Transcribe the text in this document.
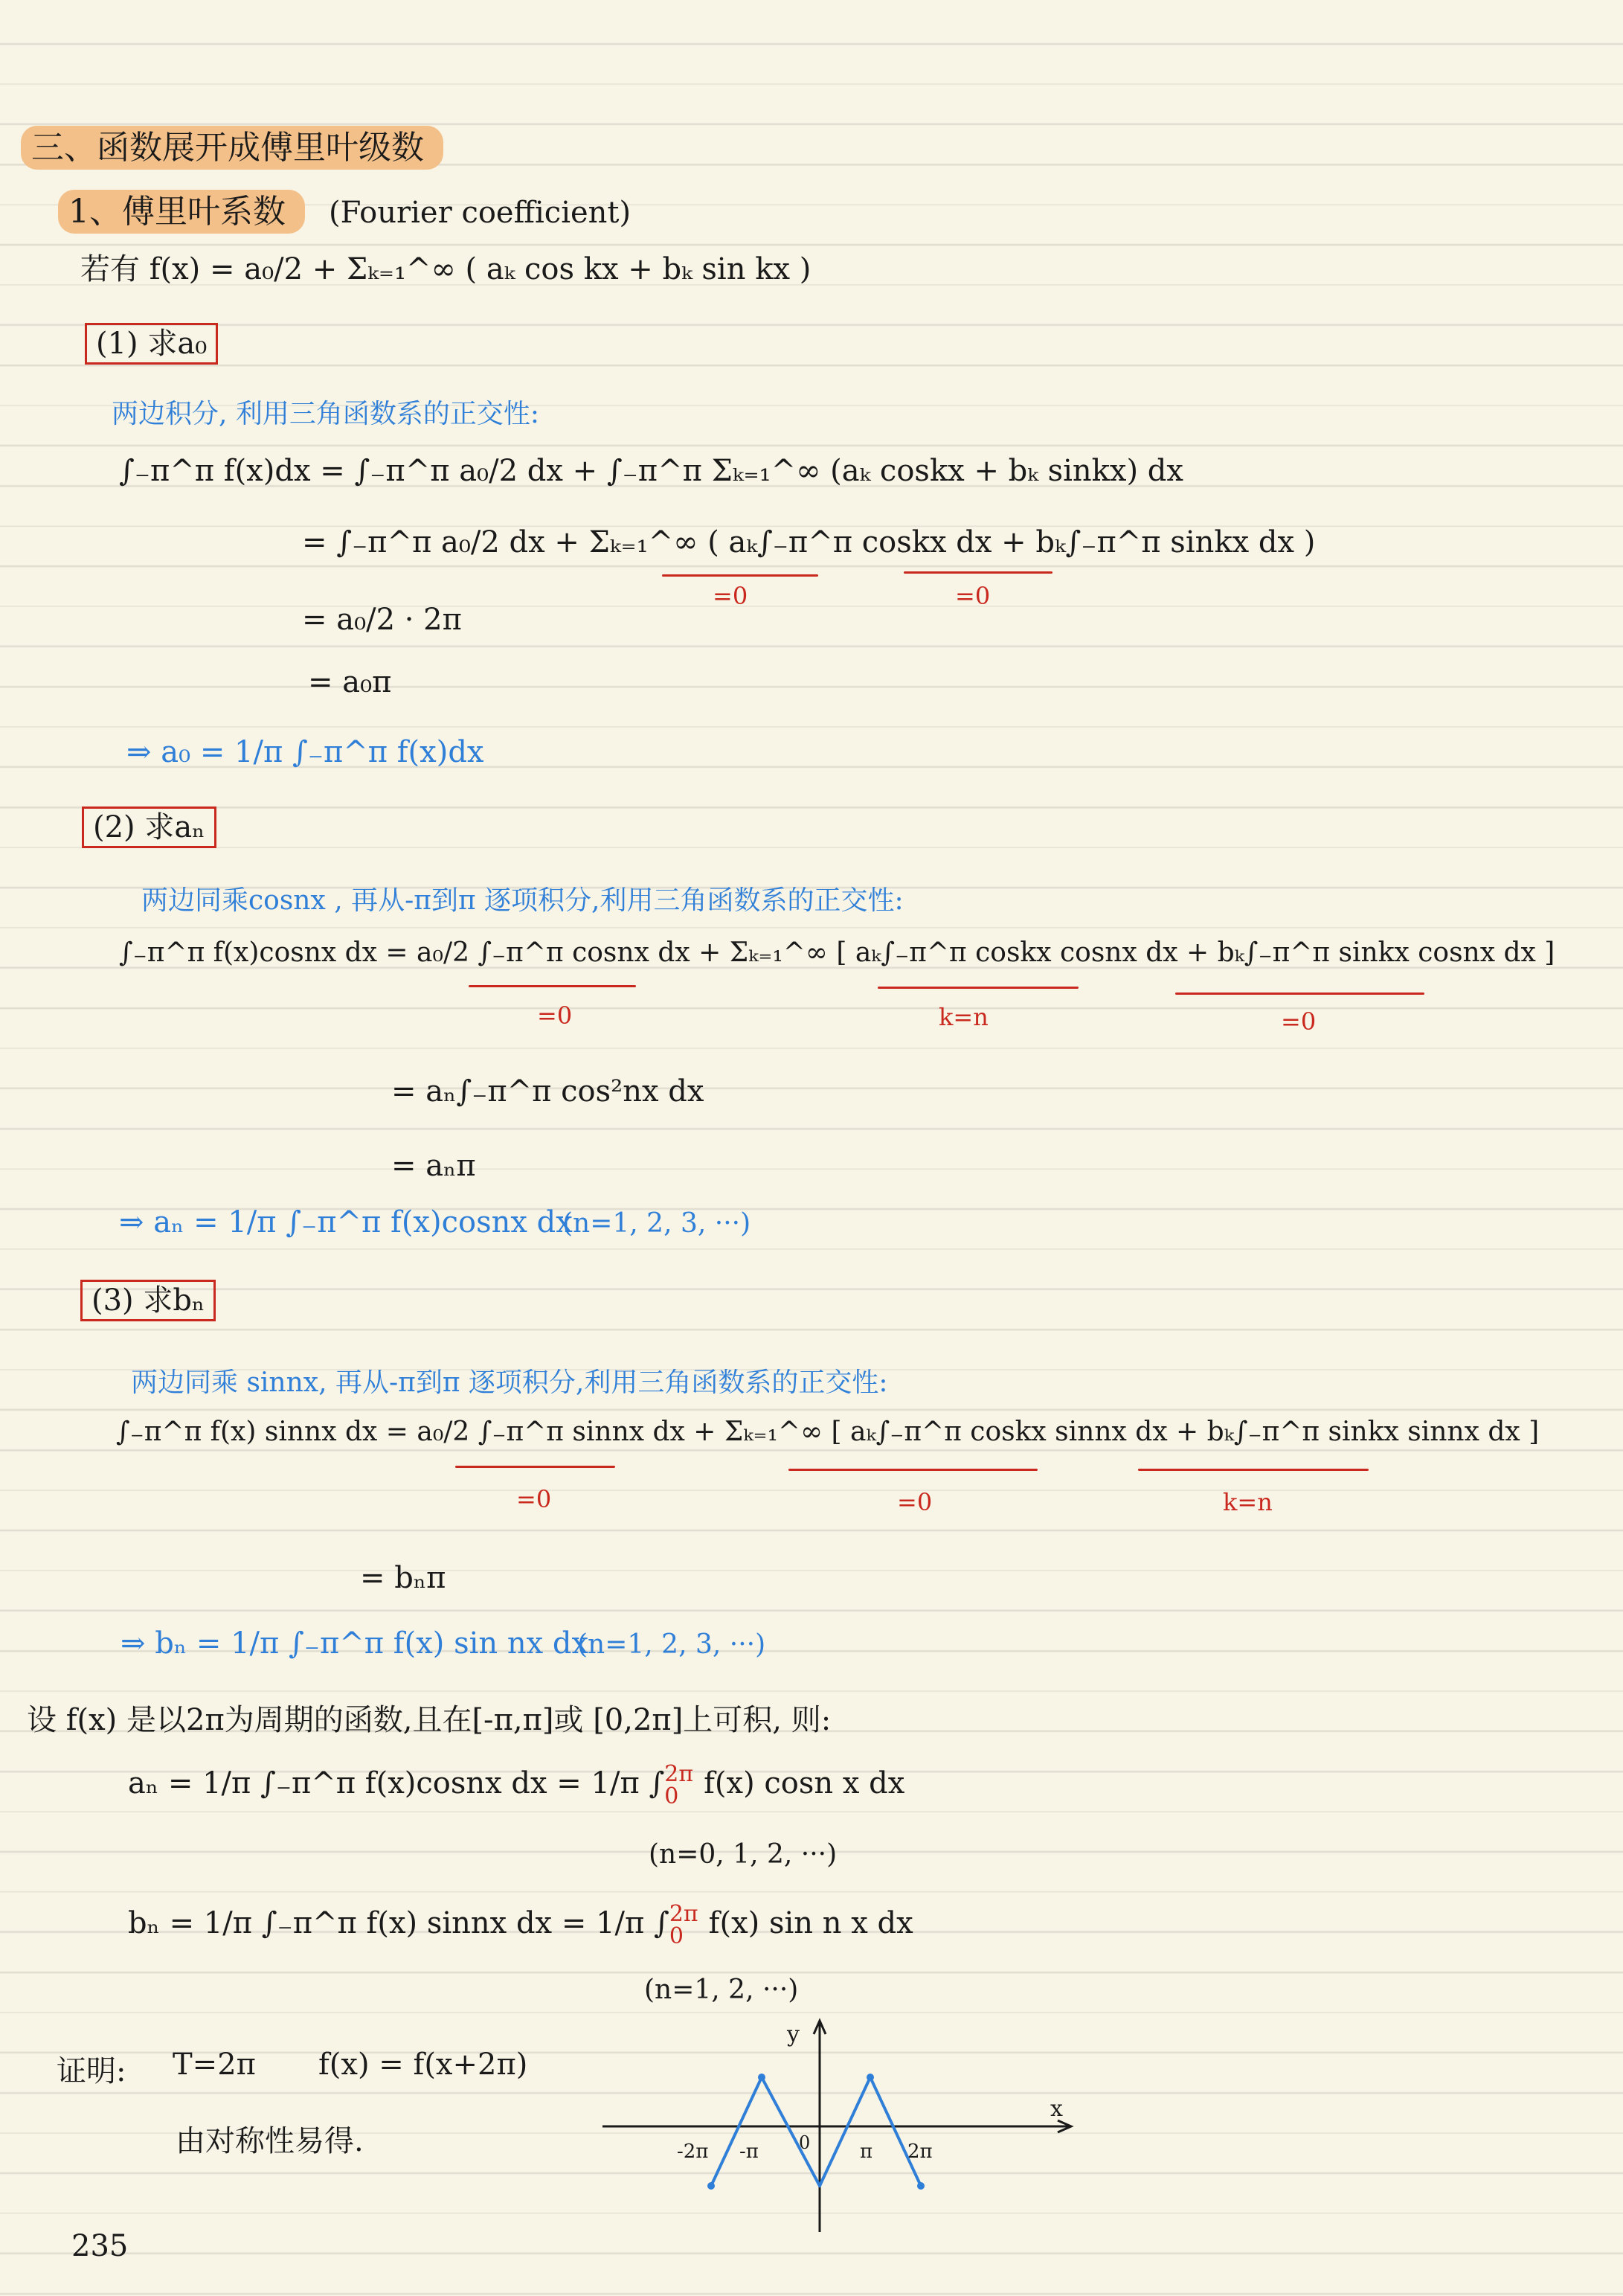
三、函数展开成傅里叶级数
1、傅里叶系数 (Fourier coefficient)
若有 f(x) = a₀/2 + Σₖ₌₁^∞ ( aₖ cos kx + bₖ sin kx )
(1) 求a₀
两边积分, 利用三角函数系的正交性:
∫₋π^π f(x)dx = ∫₋π^π a₀/2 dx + ∫₋π^π Σₖ₌₁^∞ (aₖ coskx + bₖ sinkx) dx
= ∫₋π^π a₀/2 dx + Σₖ₌₁^∞ ( aₖ∫₋π^π coskx dx + bₖ∫₋π^π sinkx dx )
=0	=0
= a₀/2 · 2π
= a₀π
⇒ a₀ = 1/π ∫₋π^π f(x)dx
(2) 求aₙ
两边同乘cosnx , 再从-π到π 逐项积分,利用三角函数系的正交性:
∫₋π^π f(x)cosnx dx = a₀/2 ∫₋π^π cosnx dx + Σₖ₌₁^∞ [ aₖ∫₋π^π coskx cosnx dx + bₖ∫₋π^π sinkx cosnx dx ]
=0	k=n	=0
= aₙ∫₋π^π cos²nx dx
= aₙπ
⇒ aₙ = 1/π ∫₋π^π f(x)cosnx dx
(n=1, 2, 3, ···)
(3) 求bₙ
两边同乘 sinnx, 再从-π到π 逐项积分,利用三角函数系的正交性:
∫₋π^π f(x) sinnx dx = a₀/2 ∫₋π^π sinnx dx + Σₖ₌₁^∞ [ aₖ∫₋π^π coskx sinnx dx + bₖ∫₋π^π sinkx sinnx dx ]
=0	=0	k=n
= bₙπ
⇒ bₙ = 1/π ∫₋π^π f(x) sin nx dx
(n=1, 2, 3, ···)
设 f(x) 是以2π为周期的函数,且在[-π,π]或 [0,2π]上可积, 则:
aₙ = 1/π ∫₋π^π f(x)cosnx dx = 1/π ∫ 2π
0 f(x) cosn x dx
(n=0, 1, 2, ···)
bₙ = 1/π ∫₋π^π f(x) sinnx dx = 1/π ∫ 2π
0 f(x) sin n x dx
(n=1, 2, ···)
证明: T=2π f(x) = f(x+2π)
由对称性易得.
x
y
0
-2π -π	π 2π
235
